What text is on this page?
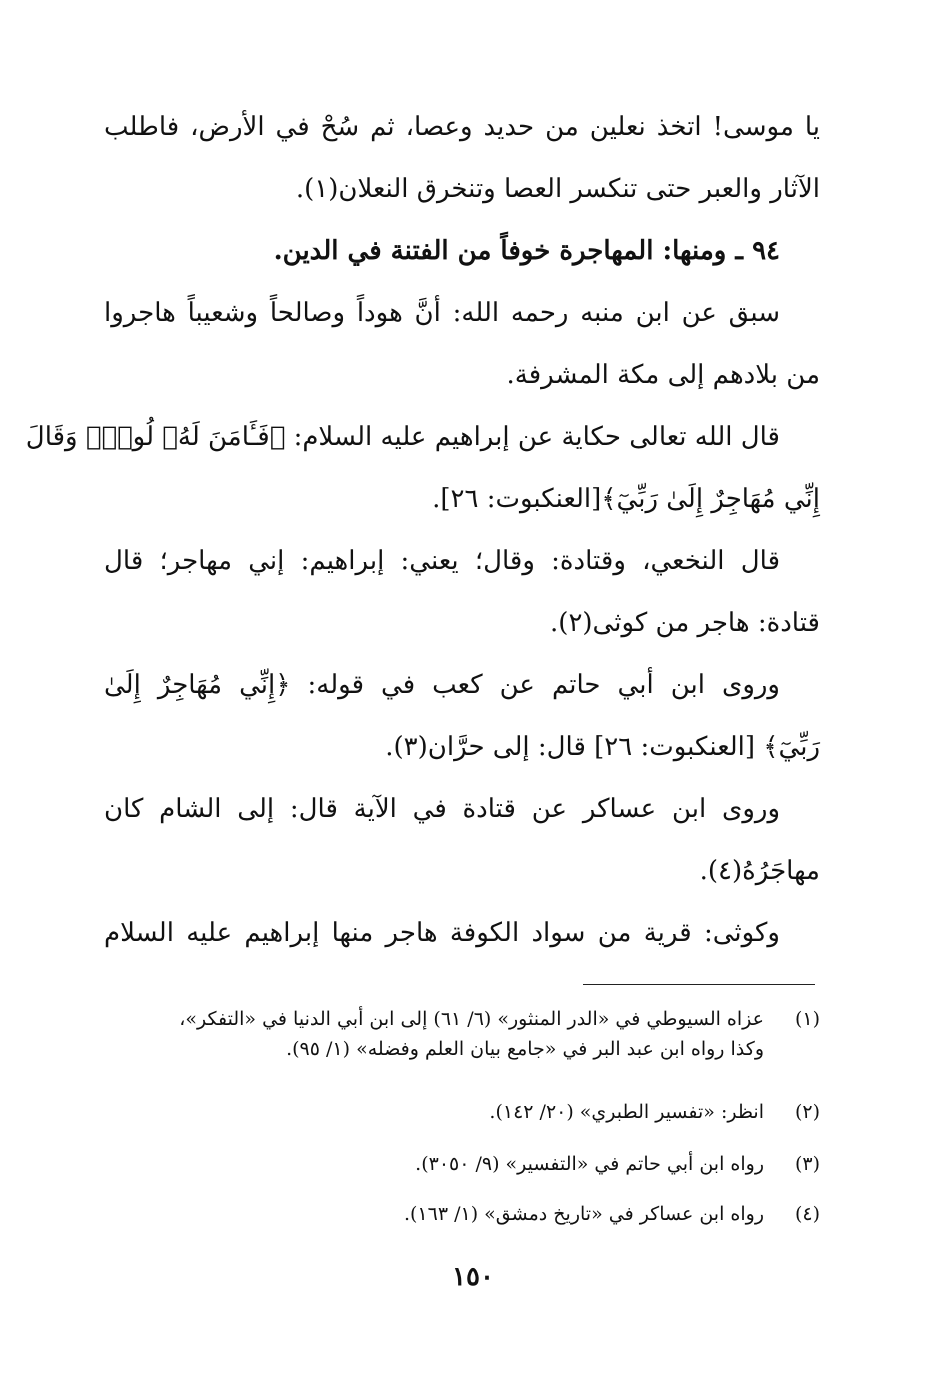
يا موسى! اتخذ نعلين من حديد وعصا، ثم سُحْ في الأرض، فاطلب
الآثار والعبر حتى تنكسر العصا وتنخرق النعلان(١).
٩٤ ـ ومنها: المهاجرة خوفاً من الفتنة في الدين.
سبق عن ابن منبه رحمه الله: أنَّ هوداً وصالحاً وشعيباً هاجروا
من بلادهم إلى مكة المشرفة.
قال الله تعالى حكاية عن إبراهيم عليه السلام: ﴿فَـَٔامَنَ لَهُۥ لُوطٌۘ وَقَالَ
إِنِّي مُهَاجِرٌ إِلَىٰ رَبِّيٓ﴾[العنكبوت: ٢٦].
قال النخعي، وقتادة: وقال؛ يعني: إبراهيم: إني مهاجر؛ قال
قتادة: هاجر من كوثى(٢).
وروى ابن أبي حاتم عن كعب في قوله: ﴿إِنِّي مُهَاجِرٌ إِلَىٰ
رَبِّيٓ﴾ [العنكبوت: ٢٦] قال: إلى حرَّان(٣).
وروى ابن عساكر عن قتادة في الآية قال: إلى الشام كان
مهاجَرُهُ(٤).
وكوثى: قرية من سواد الكوفة هاجر منها إبراهيم عليه السلام
(١)عزاه السيوطي في «الدر المنثور» (٦/ ٦١) إلى ابن أبي الدنيا في «التفكر»،
وكذا رواه ابن عبد البر في «جامع بيان العلم وفضله» (١/ ٩٥).
(٢)انظر: «تفسير الطبري» (٢٠/ ١٤٢).
(٣)رواه ابن أبي حاتم في «التفسير» (٩/ ٣٠٥٠).
(٤)رواه ابن عساكر في «تاريخ دمشق» (١/ ١٦٣).
١٥٠
